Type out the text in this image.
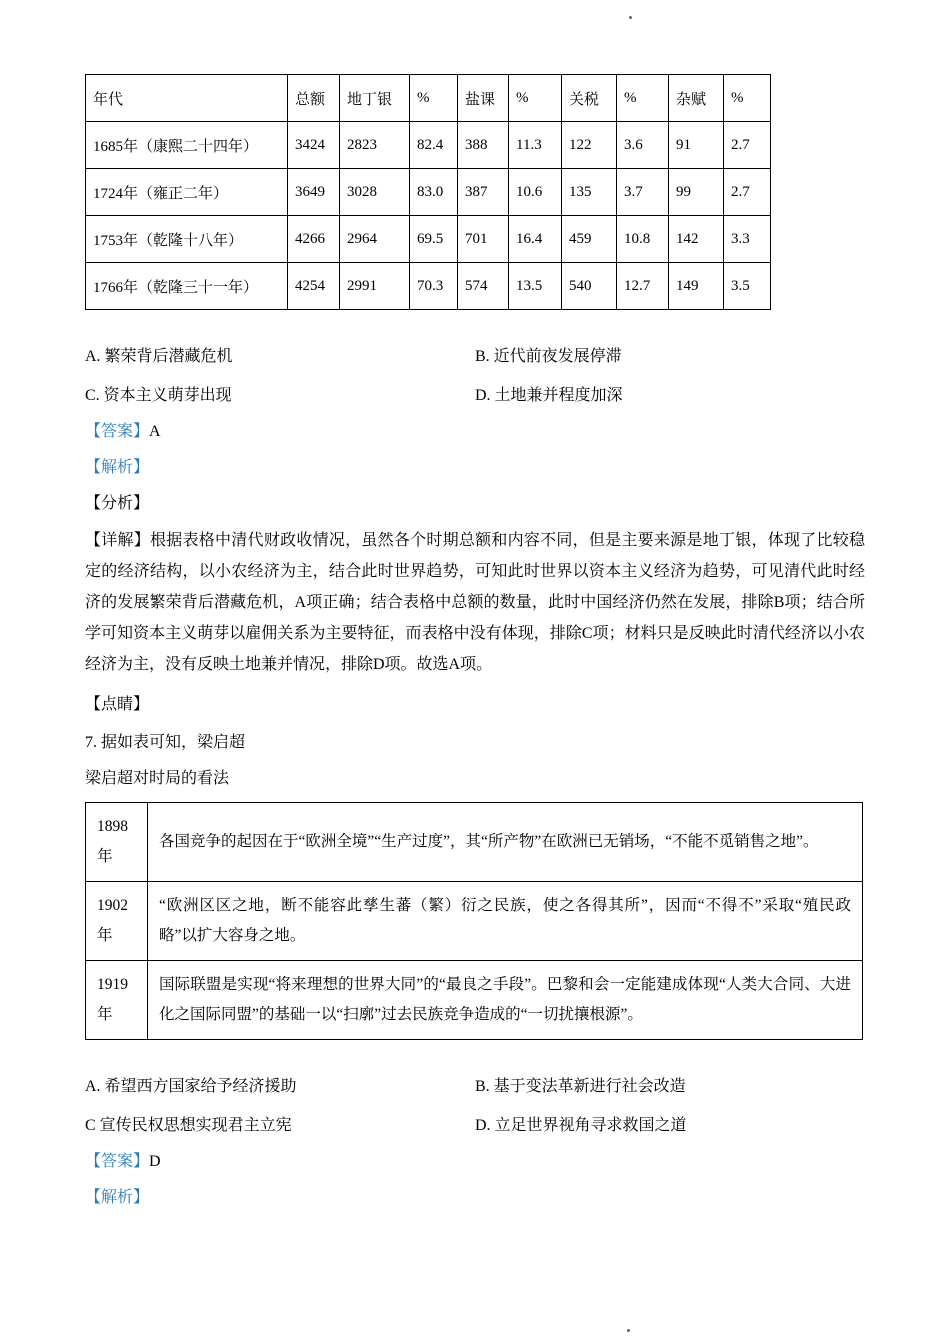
年代	总额	地丁银	%	盐课	%	关税	%	杂赋	%
1685年（康熙二十四年）	3424	2823	82.4	388	11.3	122	3.6	91	2.7
1724年（雍正二年）	3649	3028	83.0	387	10.6	135	3.7	99	2.7
1753年（乾隆十八年）	4266	2964	69.5	701	16.4	459	10.8	142	3.3
1766年（乾隆三十一年）	4254	2991	70.3	574	13.5	540	12.7	149	3.5
A. 繁荣背后潜藏危机	B. 近代前夜发展停滞
C. 资本主义萌芽出现	D. 土地兼并程度加深

【答案】A

【解析】

【分析】

【详解】根据表格中清代财政收情况，虽然各个时期总额和内容不同，但是主要来源是地丁银，体现了比较稳定的经济结构，以小农经济为主，结合此时世界趋势，可知此时世界以资本主义经济为趋势，可见清代此时经济的发展繁荣背后潜藏危机，A项正确；结合表格中总额的数量，此时中国经济仍然在发展，排除B项；结合所学可知资本主义萌芽以雇佣关系为主要特征，而表格中没有体现，排除C项；材料只是反映此时清代经济以小农经济为主，没有反映土地兼并情况，排除D项。故选A项。

【点睛】

7. 据如表可知，梁启超

梁启超对时局的看法

1898年	各国竞争的起因在于“欧洲全境”“生产过度”，其“所产物”在欧洲已无销场，“不能不觅销售之地”。
1902年	“欧洲区区之地，断不能容此孳生蕃（繁）衍之民族，使之各得其所”，因而“不得不”采取“殖民政略”以扩大容身之地。
1919年	国际联盟是实现“将来理想的世界大同”的“最良之手段”。巴黎和会一定能建成体现“人类大合同、大进化之国际同盟”的基础一以“扫廓”过去民族竞争造成的“一切扰攘根源”。
A. 希望西方国家给予经济援助	B. 基于变法革新进行社会改造
C 宣传民权思想实现君主立宪	D. 立足世界视角寻求救国之道

【答案】D

【解析】
